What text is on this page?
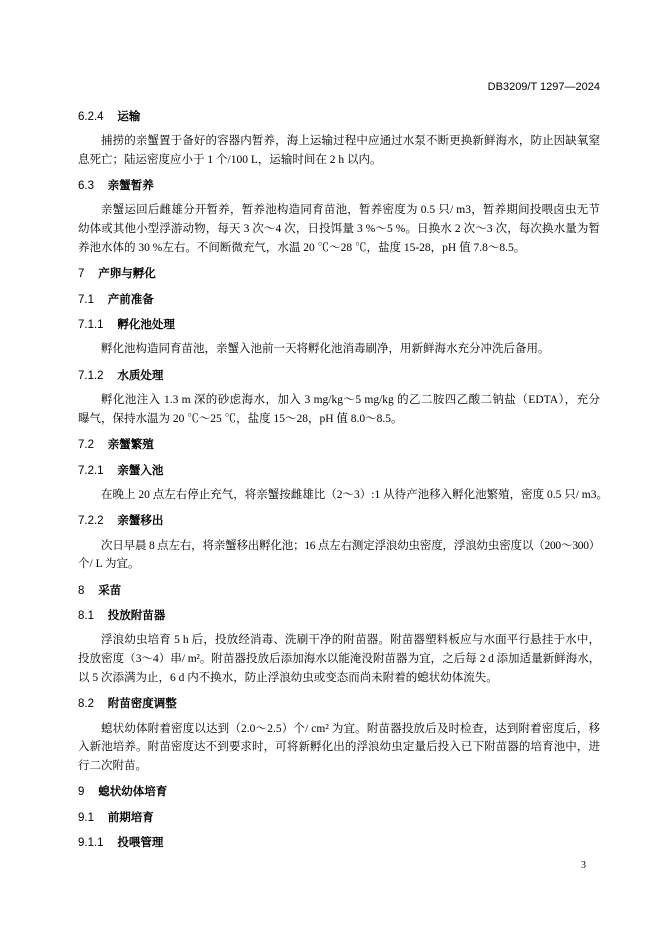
DB3209/T 1297—2024
6.2.4 运输
捕捞的亲蟹置于备好的容器内暂养，海上运输过程中应通过水泵不断更换新鲜海水，防止因缺氧窒
息死亡；陆运密度应小于 1 个/100 L，运输时间在 2 h 以内。
6.3 亲蟹暂养
亲蟹运回后雌雄分开暂养，暂养池构造同育苗池，暂养密度为 0.5 只/ m3，暂养期间投喂卤虫无节
幼体或其他小型浮游动物，每天 3 次～4 次，日投饵量 3 %～5 %。日换水 2 次～3 次，每次换水量为暂
养池水体的 30 %左右。不间断微充气，水温 20 ℃～28 ℃，盐度 15-28，pH 值 7.8～8.5。
7 产卵与孵化
7.1 产前准备
7.1.1 孵化池处理
孵化池构造同育苗池，亲蟹入池前一天将孵化池消毒刷净，用新鲜海水充分冲洗后备用。
7.1.2 水质处理
孵化池注入 1.3 m 深的砂虑海水，加入 3 mg/kg～5 mg/kg 的乙二胺四乙酸二钠盐（EDTA），充分
曝气，保持水温为 20 ℃～25 ℃，盐度 15～28，pH 值 8.0～8.5。
7.2 亲蟹繁殖
7.2.1 亲蟹入池
在晚上 20 点左右停止充气，将亲蟹按雌雄比（2～3）:1 从待产池移入孵化池繁殖，密度 0.5 只/ m3。
7.2.2 亲蟹移出
次日早晨 8 点左右，将亲蟹移出孵化池；16 点左右测定浮浪幼虫密度，浮浪幼虫密度以（200～300）
个/ L 为宜。
8 采苗
8.1 投放附苗器
浮浪幼虫培育 5 h 后，投放经消毒、洗刷干净的附苗器。附苗器塑料板应与水面平行悬挂于水中，
投放密度（3～4）串/ m²。附苗器投放后添加海水以能淹没附苗器为宜，之后每 2 d 添加适量新鲜海水，
以 5 次添满为止，6 d 内不换水，防止浮浪幼虫或变态而尚未附着的螅状幼体流失。
8.2 附苗密度调整
螅状幼体附着密度以达到（2.0～2.5）个/ cm² 为宜。附苗器投放后及时检查，达到附着密度后，移
入新池培养。附苗密度达不到要求时，可将新孵化出的浮浪幼虫定量后投入已下附苗器的培育池中，进
行二次附苗。
9 螅状幼体培育
9.1 前期培育
9.1.1 投喂管理
3
